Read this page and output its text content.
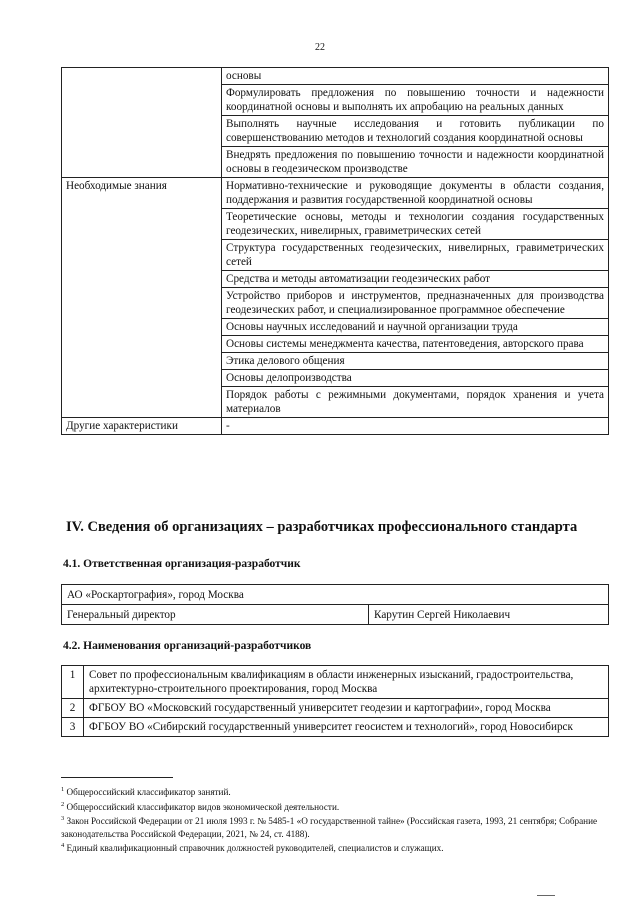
22
	основы
	Формулировать предложения по повышению точности и надежности координатной основы и выполнять их апробацию на реальных данных
	Выполнять научные исследования и готовить публикации по совершенствованию методов и технологий создания координатной основы
	Внедрять предложения по повышению точности и надежности координатной основы в геодезическом производстве
Необходимые знания	Нормативно-технические и руководящие документы в области создания, поддержания и развития государственной координатной основы
	Теоретические основы, методы и технологии создания государственных геодезических, нивелирных, гравиметрических сетей
	Структура государственных геодезических, нивелирных, гравиметрических сетей
	Средства и методы автоматизации геодезических работ
	Устройство приборов и инструментов, предназначенных для производства геодезических работ, и специализированное программное обеспечение
	Основы научных исследований и научной организации труда
	Основы системы менеджмента качества, патентоведения, авторского права
	Этика делового общения
	Основы делопроизводства
	Порядок работы с режимными документами, порядок хранения и учета материалов
Другие характеристики	-
IV. Сведения об организациях – разработчиках профессионального стандарта
4.1. Ответственная организация-разработчик
АО «Роскартография», город Москва
Генеральный директор	Карутин Сергей Николаевич
4.2. Наименования организаций-разработчиков
1	Совет по профессиональным квалификациям в области инженерных изысканий, градостроительства, архитектурно-строительного проектирования, город Москва
2	ФГБОУ ВО «Московский государственный университет геодезии и картографии», город Москва
3	ФГБОУ ВО «Сибирский государственный университет геосистем и технологий», город Новосибирск

$^1$ Общероссийский классификатор занятий.

$^2$ Общероссийский классификатор видов экономической деятельности.

$^3$ Закон Российской Федерации от 21 июля 1993 г. № 5485-1 «О государственной тайне» (Российская газета, 1993, 21 сентября; Собрание законодательства Российской Федерации, 2021, № 24, ст. 4188).

$^4$ Единый квалификационный справочник должностей руководителей, специалистов и служащих.
